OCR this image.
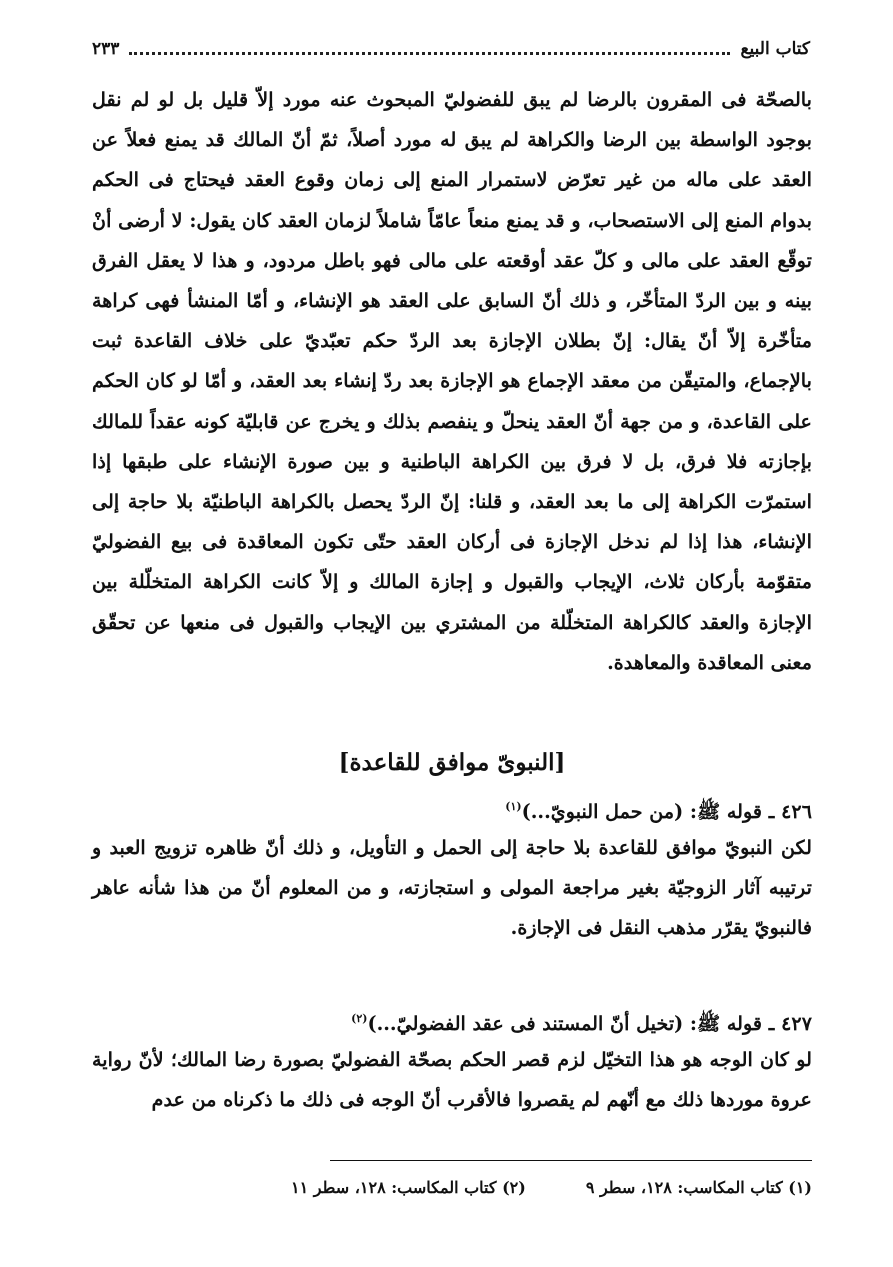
كتاب البيع
٢٣٣

بالصحّة فى المقرون بالرضا لم يبق للفضوليّ المبحوث عنه مورد إلاّ قليل بل لو لم نقل بوجود الواسطة بين الرضا والكراهة لم يبق له مورد أصلاً، ثمّ أنّ المالك قد يمنع فعلاً عن العقد على ماله من غير تعرّض لاستمرار المنع إلى زمان وقوع العقد فيحتاج فى الحكم بدوام المنع إلى الاستصحاب، و قد يمنع منعاً عامّاً شاملاً لزمان العقد كان يقول: لا أرضى أنْ توقّع العقد على مالى و كلّ عقد أوقعته على مالى فهو باطل مردود، و هذا لا يعقل الفرق بينه و بين الردّ المتأخّر، و ذلك أنّ السابق على العقد هو الإنشاء، و أمّا المنشأ فهى كراهة متأخّرة إلاّ أنّ يقال: إنّ بطلان الإجازة بعد الردّ حكم تعبّديّ على خلاف القاعدة ثبت بالإجماع، والمتيقّن من معقد الإجماع هو الإجازة بعد ردّ إنشاء بعد العقد، و أمّا لو كان الحكم على القاعدة، و من جهة أنّ العقد ينحلّ و ينفصم بذلك و يخرج عن قابليّة كونه عقداً للمالك بإجازته فلا فرق، بل لا فرق بين الكراهة الباطنية و بين صورة الإنشاء على طبقها إذا استمرّت الكراهة إلى ما بعد العقد، و قلنا: إنّ الردّ يحصل بالكراهة الباطنيّة بلا حاجة إلى الإنشاء، هذا إذا لم ندخل الإجازة فى أركان العقد حتّى تكون المعاقدة فى بيع الفضوليّ متقوّمة بأركان ثلاث، الإيجاب والقبول و إجازة المالك و إلاّ كانت الكراهة المتخلّلة بين الإجازة والعقد كالكراهة المتخلّلة من المشتري بين الإيجاب والقبول فى منعها عن تحقّق معنى المعاقدة والمعاهدة.

[النبوىّ موافق للقاعدة]
٤٢٦ ـ قوله ﷺ: (من حمل النبويّ...)$^{(١)}$

لكن النبويّ موافق للقاعدة بلا حاجة إلى الحمل و التأويل، و ذلك أنّ ظاهره تزويج العبد و ترتيبه آثار الزوجيّة بغير مراجعة المولى و استجازته، و من المعلوم أنّ من هذا شأنه عاهر فالنبويّ يقرّر مذهب النقل فى الإجازة.

٤٢٧ ـ قوله ﷺ: (تخيل أنّ المستند فى عقد الفضوليّ...)$^{(٢)}$

لو كان الوجه هو هذا التخيّل لزم قصر الحكم بصحّة الفضوليّ بصورة رضا المالك؛ لأنّ رواية عروة موردها ذلك مع أنّهم لم يقصروا فالأقرب أنّ الوجه فى ذلك ما ذكرناه من عدم

(١) كتاب المكاسب: ١٢٨، سطر ٩
(٢) كتاب المكاسب: ١٢٨، سطر ١١
